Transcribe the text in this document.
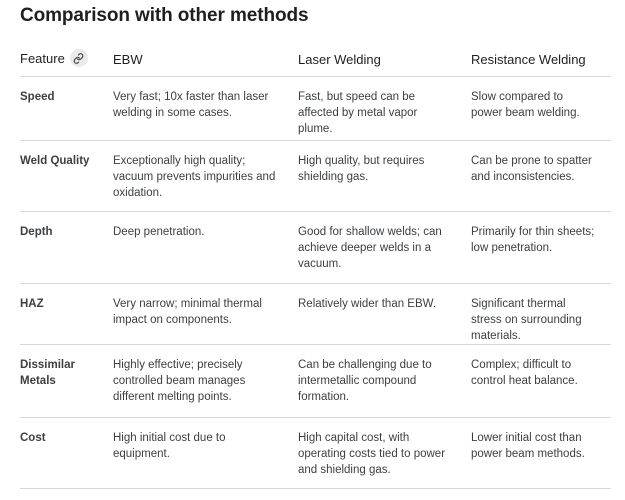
Comparison with other methods
Feature	EBW	Laser Welding	Resistance Welding
Speed	Very fast; 10x faster than laser welding in some cases.	Fast, but speed can be affected by metal vapor plume.	Slow compared to power beam welding.
Weld Quality	Exceptionally high quality; vacuum prevents impurities and oxidation.	High quality, but requires shielding gas.	Can be prone to spatter and inconsistencies.
Depth	Deep penetration.	Good for shallow welds; can achieve deeper welds in a vacuum.	Primarily for thin sheets; low penetration.
HAZ	Very narrow; minimal thermal impact on components.	Relatively wider than EBW.	Significant thermal stress on surrounding materials.
Dissimilar Metals	Highly effective; precisely controlled beam manages different melting points.	Can be challenging due to intermetallic compound formation.	Complex; difficult to control heat balance.
Cost	High initial cost due to equipment.	High capital cost, with operating costs tied to power and shielding gas.	Lower initial cost than power beam methods.
